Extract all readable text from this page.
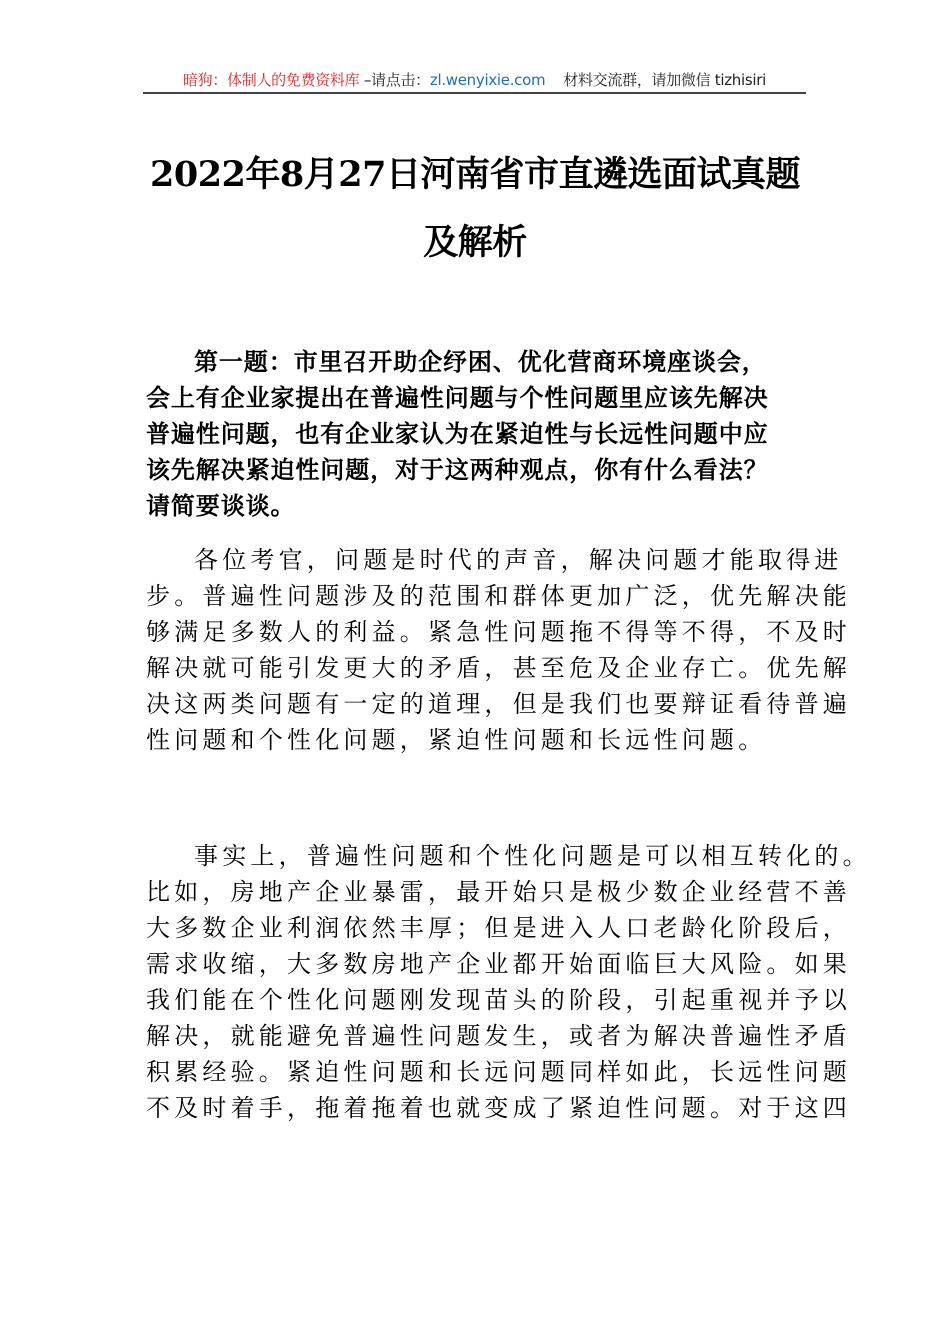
暗狗：体制人的免费资料库 –请点击：zl.wenyixie.com 材料交流群，请加微信 tizhisiri
2022年8月27日河南省市直遴选面试真题
及解析
第一题：市里召开助企纾困、优化营商环境座谈会，
会上有企业家提出在普遍性问题与个性问题里应该先解决
普遍性问题，也有企业家认为在紧迫性与长远性问题中应
该先解决紧迫性问题，对于这两种观点，你有什么看法？
请简要谈谈。
各位考官，问题是时代的声音，解决问题才能取得进
步。普遍性问题涉及的范围和群体更加广泛，优先解决能
够满足多数人的利益。紧急性问题拖不得等不得，不及时
解决就可能引发更大的矛盾，甚至危及企业存亡。优先解
决这两类问题有一定的道理，但是我们也要辩证看待普遍
性问题和个性化问题，紧迫性问题和长远性问题。
事实上，普遍性问题和个性化问题是可以相互转化的。
比如，房地产企业暴雷，最开始只是极少数企业经营不善
大多数企业利润依然丰厚；但是进入人口老龄化阶段后，
需求收缩，大多数房地产企业都开始面临巨大风险。如果
我们能在个性化问题刚发现苗头的阶段，引起重视并予以
解决，就能避免普遍性问题发生，或者为解决普遍性矛盾
积累经验。紧迫性问题和长远问题同样如此，长远性问题
不及时着手，拖着拖着也就变成了紧迫性问题。对于这四
